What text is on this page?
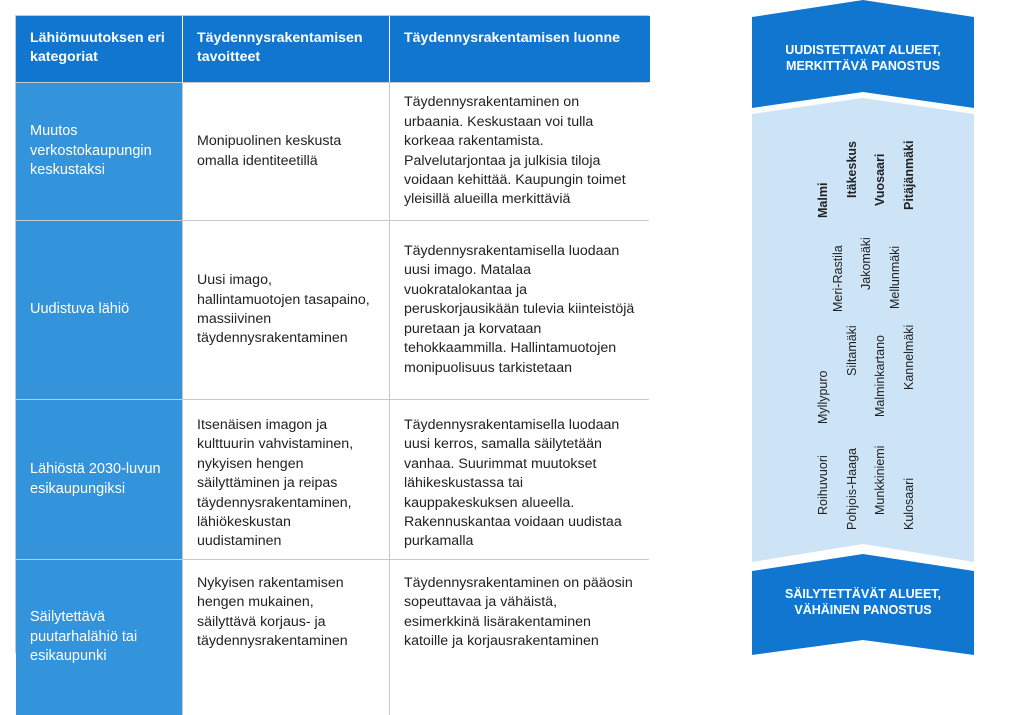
Lähiömuutoksen eri kategoriat
Täydennysrakentamisen tavoitteet
Täydennysrakentamisen luonne
Muutos verkostokaupungin keskustaksi
Monipuolinen keskusta omalla identiteetillä
Täydennysrakentaminen on urbaania. Keskustaan voi tulla korkeaa rakentamista. Palvelutarjontaa ja julkisia tiloja voidaan kehittää. Kaupungin toimet yleisillä alueilla merkittäviä
Uudistuva lähiö
Uusi imago, hallintamuotojen tasapaino, massiivinen täydennysrakentaminen
Täydennysrakentamisella luodaan uusi imago. Matalaa vuokratalokantaa ja peruskorjausikään tulevia kiinteistöjä puretaan ja korvataan tehokkaammilla. Hallintamuotojen monipuolisuus tarkistetaan
Lähiöstä 2030-luvun esikaupungiksi
Itsenäisen imagon ja kulttuurin vahvistaminen, nykyisen hengen säilyttäminen ja reipas täydennysrakentaminen, lähiökeskustan uudistaminen
Täydennysrakentamisella luodaan uusi kerros, samalla säilytetään vanhaa. Suurimmat muutokset lähikeskustassa tai kauppakeskuksen alueella. Rakennuskantaa voidaan uudistaa purkamalla
Säilytettävä puutarhalähiö tai esikaupunki
Nykyisen rakentamisen hengen mukainen, säilyttävä korjaus- ja täydennysrakentaminen
Täydennysrakentaminen on pääosin sopeuttavaa ja vähäistä, esimerkkinä lisärakentaminen katoille ja korjausrakentaminen
UUDISTETTAVAT ALUEET,
MERKITTÄVÄ PANOSTUS
SÄILYTETTÄVÄT ALUEET,
VÄHÄINEN PANOSTUS
Malmi
Itäkeskus Vuosaari Pitäjänmäki
Meri-Rastila Jakomäki Mellunmäki
Myllypuro
Siltamäki Malminkartano Kannelmäki
Roihuvuori Pohjois-Haaga Munkkiniemi Kulosaari
